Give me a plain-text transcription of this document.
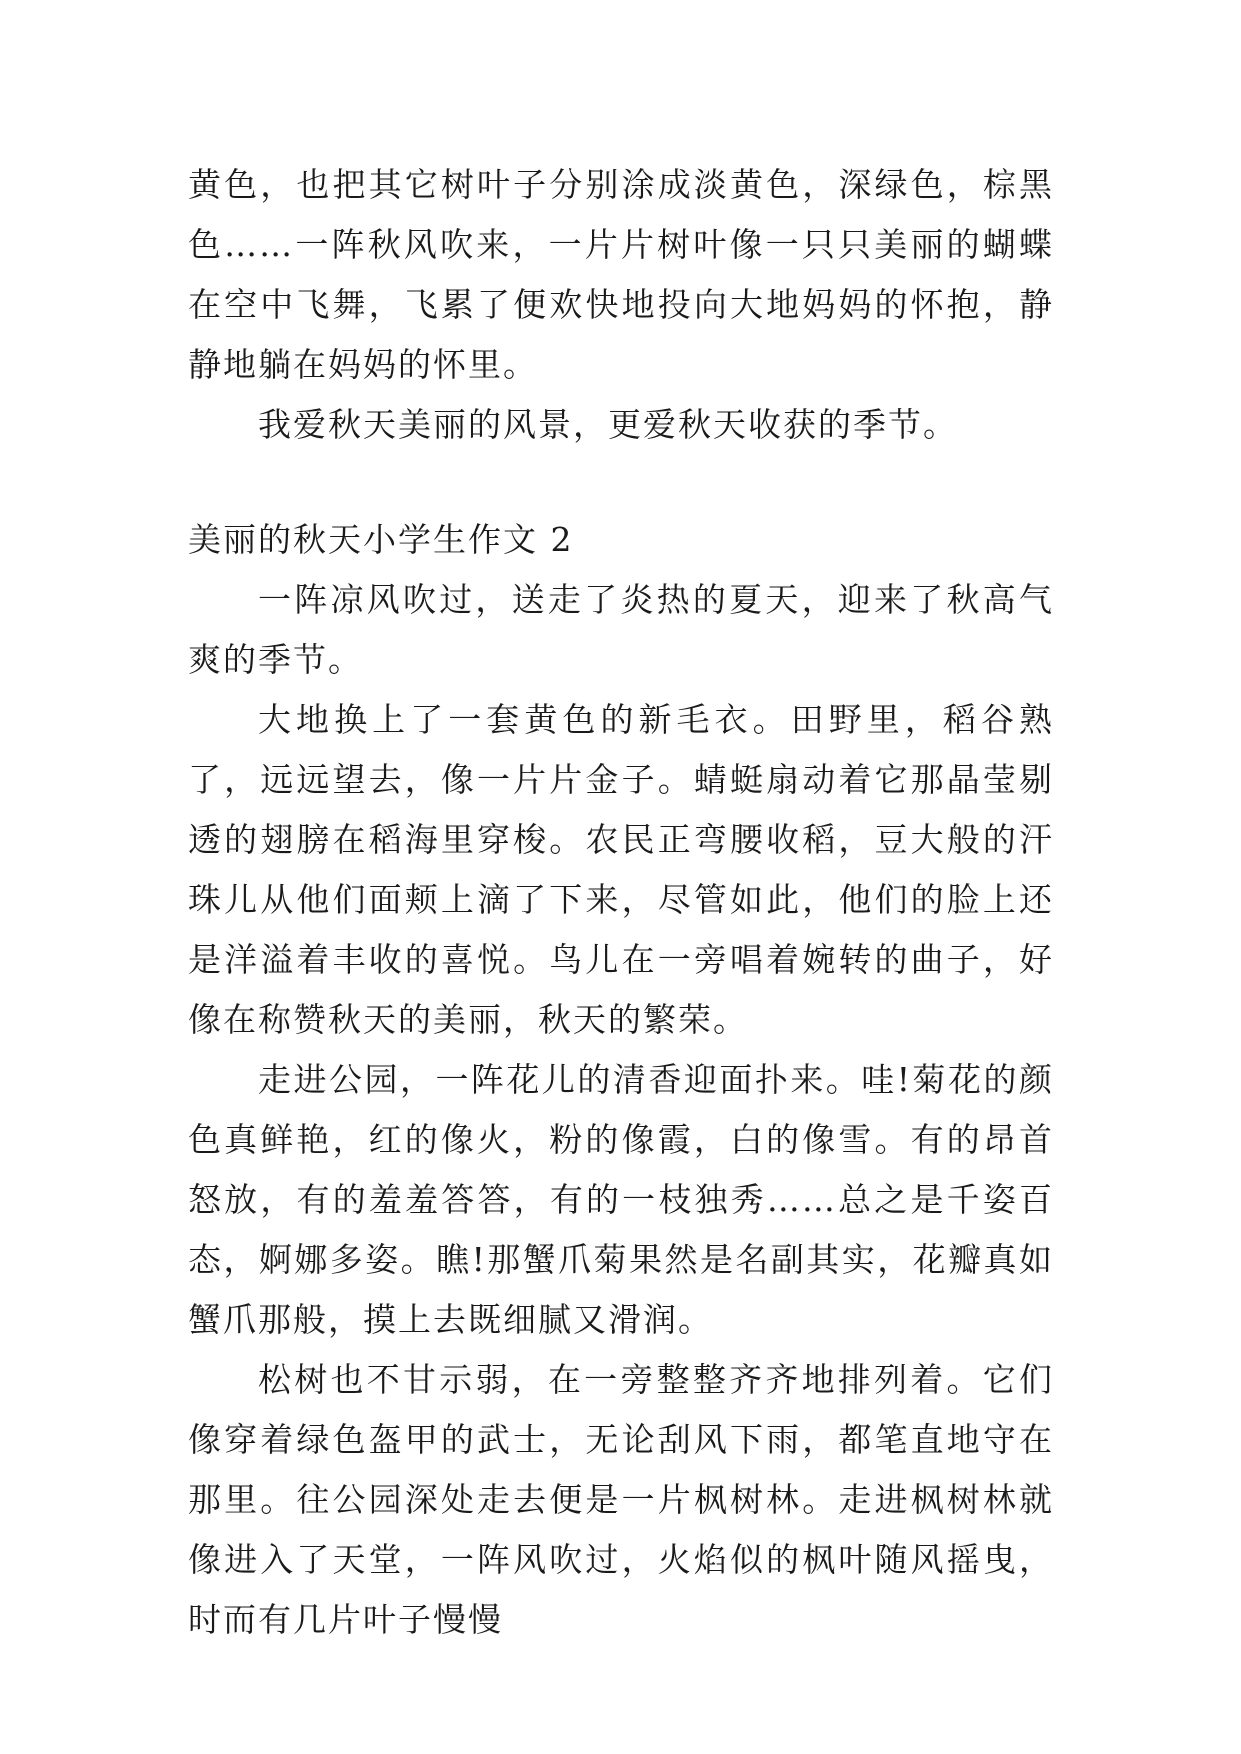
黄色，也把其它树叶子分别涂成淡黄色，深绿色，棕黑色……一阵秋风吹来，一片片树叶像一只只美丽的蝴蝶在空中飞舞，飞累了便欢快地投向大地妈妈的怀抱，静静地躺在妈妈的怀里。

我爱秋天美丽的风景，更爱秋天收获的季节。

美丽的秋天小学生作文 2

一阵凉风吹过，送走了炎热的夏天，迎来了秋高气爽的季节。

大地换上了一套黄色的新毛衣。田野里，稻谷熟了，远远望去，像一片片金子。蜻蜓扇动着它那晶莹剔透的翅膀在稻海里穿梭。农民正弯腰收稻，豆大般的汗珠儿从他们面颊上滴了下来，尽管如此，他们的脸上还是洋溢着丰收的喜悦。鸟儿在一旁唱着婉转的曲子，好像在称赞秋天的美丽，秋天的繁荣。

走进公园，一阵花儿的清香迎面扑来。哇!菊花的颜色真鲜艳，红的像火，粉的像霞，白的像雪。有的昂首怒放，有的羞羞答答，有的一枝独秀……总之是千姿百态，婀娜多姿。瞧!那蟹爪菊果然是名副其实，花瓣真如蟹爪那般，摸上去既细腻又滑润。

松树也不甘示弱，在一旁整整齐齐地排列着。它们像穿着绿色盔甲的武士，无论刮风下雨，都笔直地守在那里。往公园深处走去便是一片枫树林。走进枫树林就像进入了天堂，一阵风吹过，火焰似的枫叶随风摇曳，时而有几片叶子慢慢
